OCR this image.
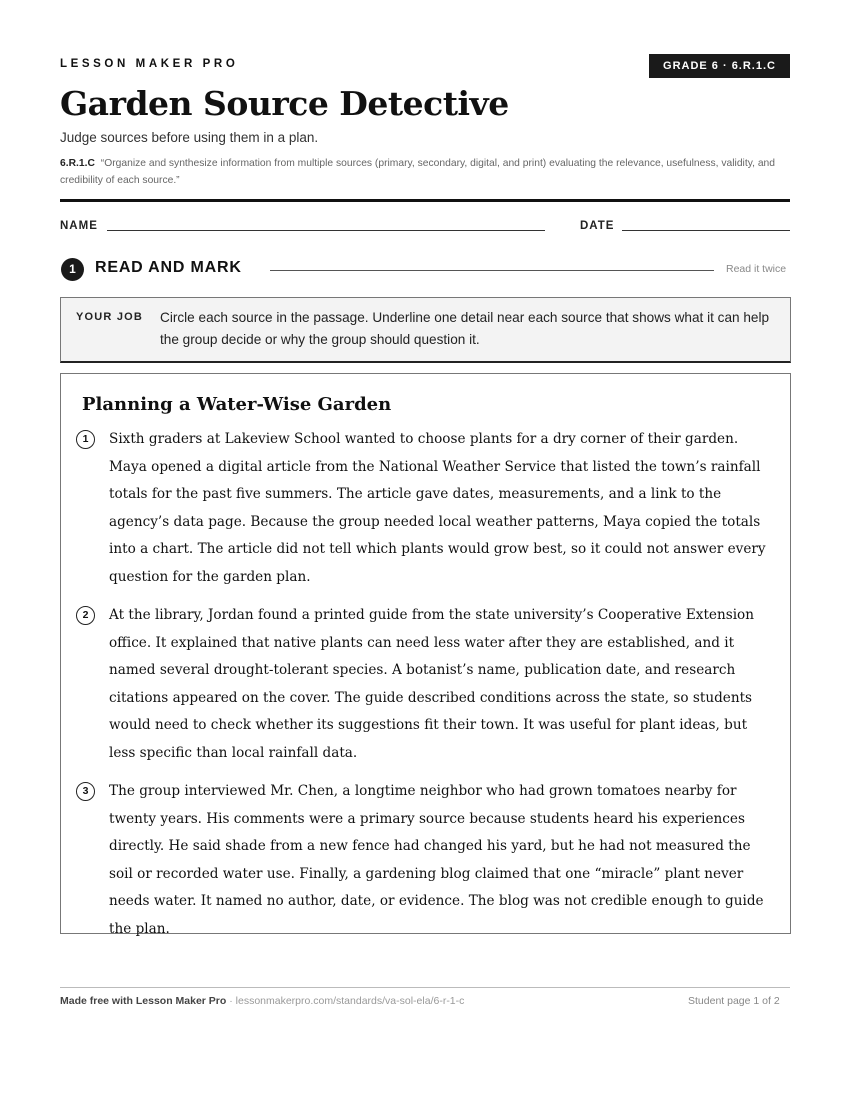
LESSON MAKER PRO	GRADE 6 · 6.R.1.C
Garden Source Detective
Judge sources before using them in a plan.
6.R.1.C “Organize and synthesize information from multiple sources (primary, secondary, digital, and print) evaluating the relevance, usefulness, validity, and credibility of each source.”
NAME	DATE
1	READ AND MARK	Read it twice
YOUR JOB Circle each source in the passage. Underline one detail near each source that shows what it can help the group decide or why the group should question it.
Planning a Water-Wise Garden
1	Sixth graders at Lakeview School wanted to choose plants for a dry corner of their garden. Maya opened a digital article from the National Weather Service that listed the town’s rainfall totals for the past five summers. The article gave dates, measurements, and a link to the agency’s data page. Because the group needed local weather patterns, Maya copied the totals into a chart. The article did not tell which plants would grow best, so it could not answer every question for the garden plan.

2	At the library, Jordan found a printed guide from the state university’s Cooperative Extension office. It explained that native plants can need less water after they are established, and it named several drought-tolerant species. A botanist’s name, publication date, and research citations appeared on the cover. The guide described conditions across the state, so students would need to check whether its suggestions fit their town. It was useful for plant ideas, but less specific than local rainfall data.

3	The group interviewed Mr. Chen, a longtime neighbor who had grown tomatoes nearby for twenty years. His comments were a primary source because students heard his experiences directly. He said shade from a new fence had changed his yard, but he had not measured the soil or recorded water use. Finally, a gardening blog claimed that one “miracle” plant never needs water. It named no author, date, or evidence. The blog was not credible enough to guide the plan.

Made free with Lesson Maker Pro · lessonmakerpro.com/standards/va-sol-ela/6-r-1-c	Student page 1 of 2
